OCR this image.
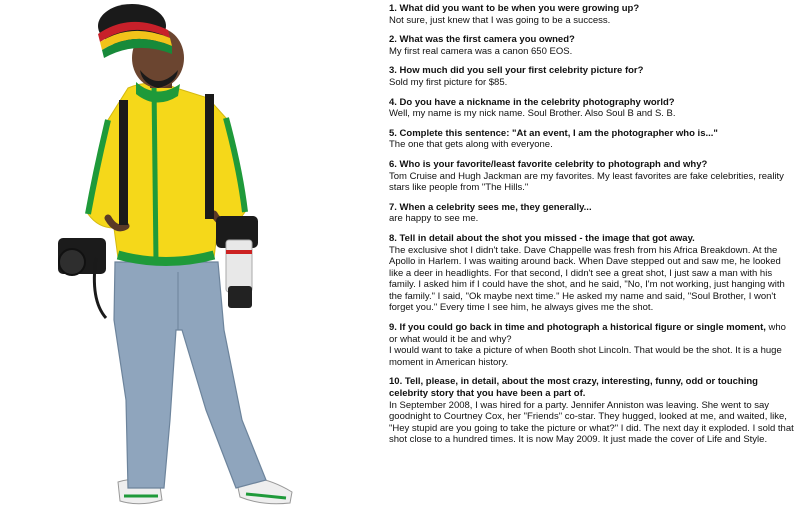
1. What did you want to be when you were growing up?
Not sure, just knew that I was going to be a success.
2. What was the first camera you owned?
My first real camera was a canon 650 EOS.
3. How much did you sell your first celebrity picture for?
Sold my first picture for $85.
4. Do you have a nickname in the celebrity photography world?
Well, my name is my nick name. Soul Brother. Also Soul B and S. B.
5. Complete this sentence: "At an event, I am the photographer who is..."
The one that gets along with everyone.
6. Who is your favorite/least favorite celebrity to photograph and why?
Tom Cruise and Hugh Jackman are my favorites. My least favorites are fake celebrities, reality stars like people from "The Hills."
7. When a celebrity sees me, they generally...
are happy to see me.
8. Tell in detail about the shot you missed - the image that got away.
The exclusive shot I didn't take. Dave Chappelle was fresh from his Africa Breakdown. At the Apollo in Harlem. I was waiting around back. When Dave stepped out and saw me, he looked like a deer in headlights. For that second, I didn't see a great shot, I just saw a man with his family. I asked him if I could have the shot, and he said, "No, I'm not working, just hanging with the family." I said, "Ok maybe next time." He asked my name and said, "Soul Brother, I won't forget you." Every time I see him, he always gives me the shot.
9. If you could go back in time and photograph a historical figure or single moment, who or what would it be and why?
I would want to take a picture of when Booth shot Lincoln. That would be the shot. It is a huge moment in American history.
10. Tell, please, in detail, about the most crazy, interesting, funny, odd or touching celebrity story that you have been a part of.
In September 2008, I was hired for a party. Jennifer Anniston was leaving. She went to say goodnight to Courtney Cox, her "Friends" co-star. They hugged, looked at me, and waited, like, "Hey stupid are you going to take the picture or what?" I did. The next day it exploded. I sold that shot close to a hundred times. It is now May 2009. It just made the cover of Life and Style.
